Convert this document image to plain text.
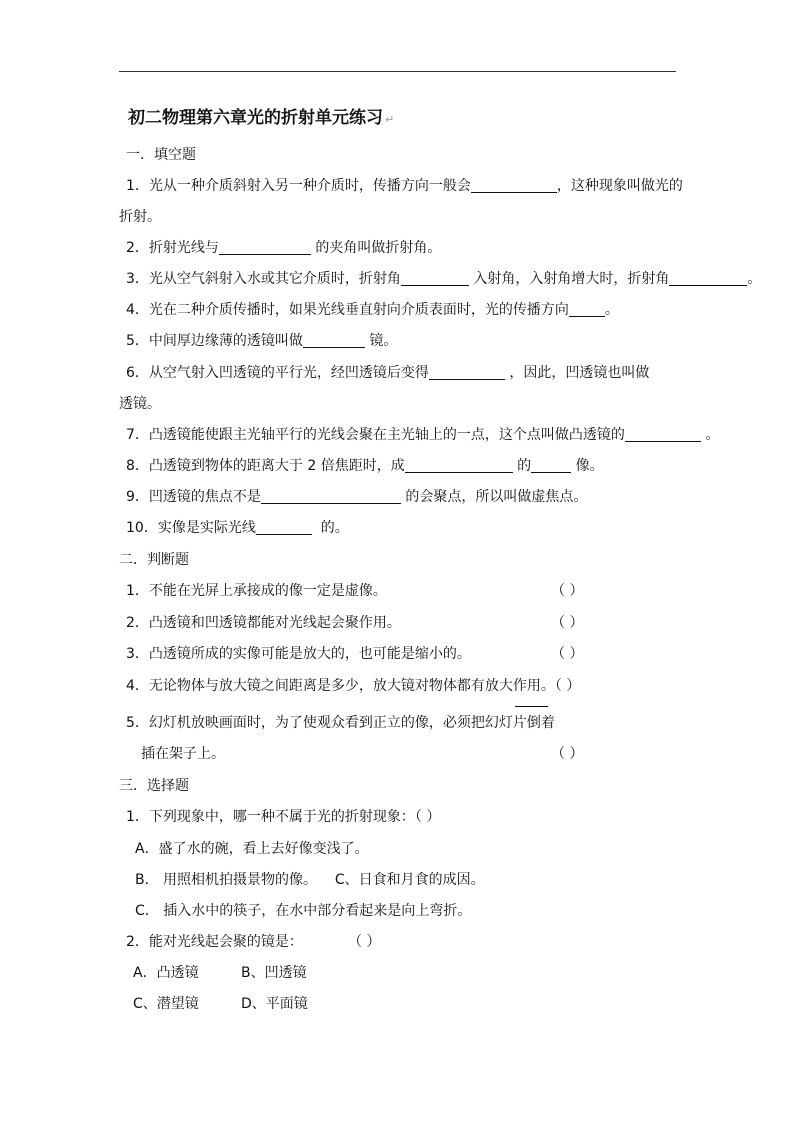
初二物理第六章光的折射单元练习 ↵
一．填空题
1．光从一种介质斜射入另一种介质时，传播方向一般会	，这种现象叫做光的
折射。
2．折射光线与	的夹角叫做折射角。
3．光从空气斜射入水或其它介质时，折射角	入射角，入射角增大时，折射角	。
4．光在二种介质传播时，如果光线垂直射向介质表面时，光的传播方向	。
5．中间厚边缘薄的透镜叫做	镜。
6．从空气射入凹透镜的平行光，经凹透镜后变得	，因此，凹透镜也叫做
透镜。
7．凸透镜能使跟主光轴平行的光线会聚在主光轴上的一点，这个点叫做凸透镜的	。
8．凸透镜到物体的距离大于 2 倍焦距时，成	的	像。
9．凹透镜的焦点不是	的会聚点，所以叫做虚焦点。
10．实像是实际光线	的。
二．判断题
1．不能在光屏上承接成的像一定是虚像。	（ ）
2．凸透镜和凹透镜都能对光线起会聚作用。	（ ）
3．凸透镜所成的实像可能是放大的，也可能是缩小的。	（ ）
4．无论物体与放大镜之间距离是多少，放大镜对物体都有放大作用。（ ）
5．幻灯机放映画面时，为了使观众看到正立的像，必须把幻灯片倒着
插在架子上。	（ ）
三．选择题
1．下列现象中，哪一种不属于光的折射现象：（ ）
A．盛了水的碗，看上去好像变浅了。
B． 用照相机拍摄景物的像。 C、日食和月食的成因。
C． 插入水中的筷子，在水中部分看起来是向上弯折。
2．能对光线起会聚的镜是：	（ ）
A．凸透镜	B、凹透镜
C、潜望镜	D、平面镜
